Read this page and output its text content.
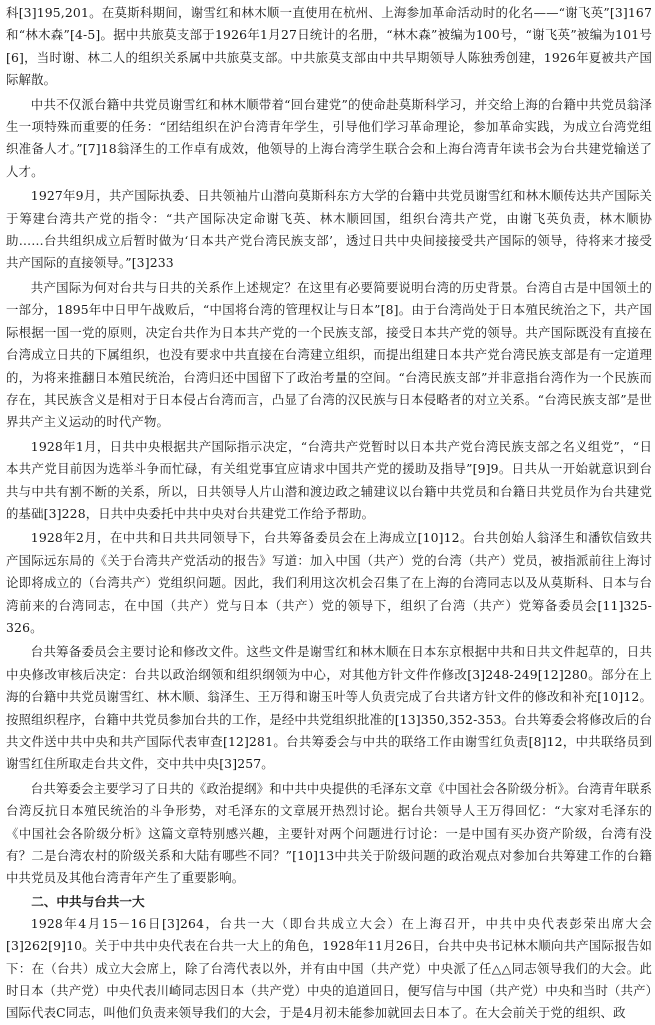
科[3]195,201。在莫斯科期间，谢雪红和林木顺一直使用在杭州、上海参加革命活动时的化名——“谢飞英”[3]167和“林木森”[4-5]。据中共旅莫支部于1926年1月27日统计的名册，“林木森”被编为100号，“谢飞英”被编为101号[6]，当时谢、林二人的组织关系属中共旅莫支部。中共旅莫支部由中共早期领导人陈独秀创建，1926年夏被共产国际解散。

中共不仅派台籍中共党员谢雪红和林木顺带着“回台建党”的使命赴莫斯科学习，并交给上海的台籍中共党员翁泽生一项特殊而重要的任务：“团结组织在沪台湾青年学生，引导他们学习革命理论，参加革命实践，为成立台湾党组织准备人才。”[7]18翁泽生的工作卓有成效，他领导的上海台湾学生联合会和上海台湾青年读书会为台共建党输送了人才。

1927年9月，共产国际执委、日共领袖片山潜向莫斯科东方大学的台籍中共党员谢雪红和林木顺传达共产国际关于筹建台湾共产党的指令：“共产国际决定命谢飞英、林木顺回国，组织台湾共产党，由谢飞英负责，林木顺协助……台共组织成立后暂时做为‘日本共产党台湾民族支部’，透过日共中央间接接受共产国际的领导，待将来才接受共产国际的直接领导。”[3]233

共产国际为何对台共与日共的关系作上述规定？在这里有必要简要说明台湾的历史背景。台湾自古是中国领土的一部分，1895年中日甲午战败后，“中国将台湾的管理权让与日本”[8]。由于台湾尚处于日本殖民统治之下，共产国际根据一国一党的原则，决定台共作为日本共产党的一个民族支部，接受日本共产党的领导。共产国际既没有直接在台湾成立日共的下属组织，也没有要求中共直接在台湾建立组织，而提出组建日本共产党台湾民族支部是有一定道理的，为将来推翻日本殖民统治，台湾归还中国留下了政治考量的空间。“台湾民族支部”并非意指台湾作为一个民族而存在，其民族含义是相对于日本侵占台湾而言，凸显了台湾的汉民族与日本侵略者的对立关系。“台湾民族支部”是世界共产主义运动的时代产物。

1928年1月，日共中央根据共产国际指示决定，“台湾共产党暂时以日本共产党台湾民族支部之名义组党”，“日本共产党目前因为选举斗争而忙碌，有关组党事宜应请求中国共产党的援助及指导”[9]9。日共从一开始就意识到台共与中共有割不断的关系，所以，日共领导人片山潜和渡边政之辅建议以台籍中共党员和台籍日共党员作为台共建党的基础[3]228，日共中央委托中共中央对台共建党工作给予帮助。

1928年2月，在中共和日共共同领导下，台共筹备委员会在上海成立[10]12。台共创始人翁泽生和潘钦信致共产国际远东局的《关于台湾共产党活动的报告》写道：加入中国（共产）党的台湾（共产）党员，被指派前往上海讨论即将成立的（台湾共产）党组织问题。因此，我们利用这次机会召集了在上海的台湾同志以及从莫斯科、日本与台湾前来的台湾同志，在中国（共产）党与日本（共产）党的领导下，组织了台湾（共产）党筹备委员会[11]325-326。

台共筹备委员会主要讨论和修改文件。这些文件是谢雪红和林木顺在日本东京根据中共和日共文件起草的，日共中央修改审核后决定：台共以政治纲领和组织纲领为中心，对其他方针文件作修改[3]248-249[12]280。部分在上海的台籍中共党员谢雪红、林木顺、翁泽生、王万得和谢玉叶等人负责完成了台共诸方针文件的修改和补充[10]12。按照组织程序，台籍中共党员参加台共的工作，是经中共党组织批准的[13]350,352-353。台共筹委会将修改后的台共文件送中共中央和共产国际代表审查[12]281。台共筹委会与中共的联络工作由谢雪红负责[8]12，中共联络员到谢雪红住所取走台共文件，交中共中央[3]257。

台共筹委会主要学习了日共的《政治提纲》和中共中央提供的毛泽东文章《中国社会各阶级分析》。台湾青年联系台湾反抗日本殖民统治的斗争形势，对毛泽东的文章展开热烈讨论。据台共领导人王万得回忆：“大家对毛泽东的《中国社会各阶级分析》这篇文章特别感兴趣，主要针对两个问题进行讨论：一是中国有买办资产阶级，台湾有没有？二是台湾农村的阶级关系和大陆有哪些不同？”[10]13中共关于阶级问题的政治观点对参加台共筹建工作的台籍中共党员及其他台湾青年产生了重要影响。

二、中共与台共一大

1928年4月15－16日[3]264，台共一大（即台共成立大会）在上海召开，中共中央代表彭荣出席大会[3]262[9]10。关于中共中央代表在台共一大上的角色，1928年11月26日，台共中央书记林木顺向共产国际报告如下：在（台共）成立大会席上，除了台湾代表以外，并有由中国（共产党）中央派了任△△同志领导我们的大会。此时日本（共产党）中央代表川崎同志因日本（共产党）中央的追道回日，便写信与中国（共产党）中央和当时（共产）国际代表C同志，叫他们负责来领导我们的大会，于是4月初未能参加就回去日本了。在大会前关于党的组织、政
